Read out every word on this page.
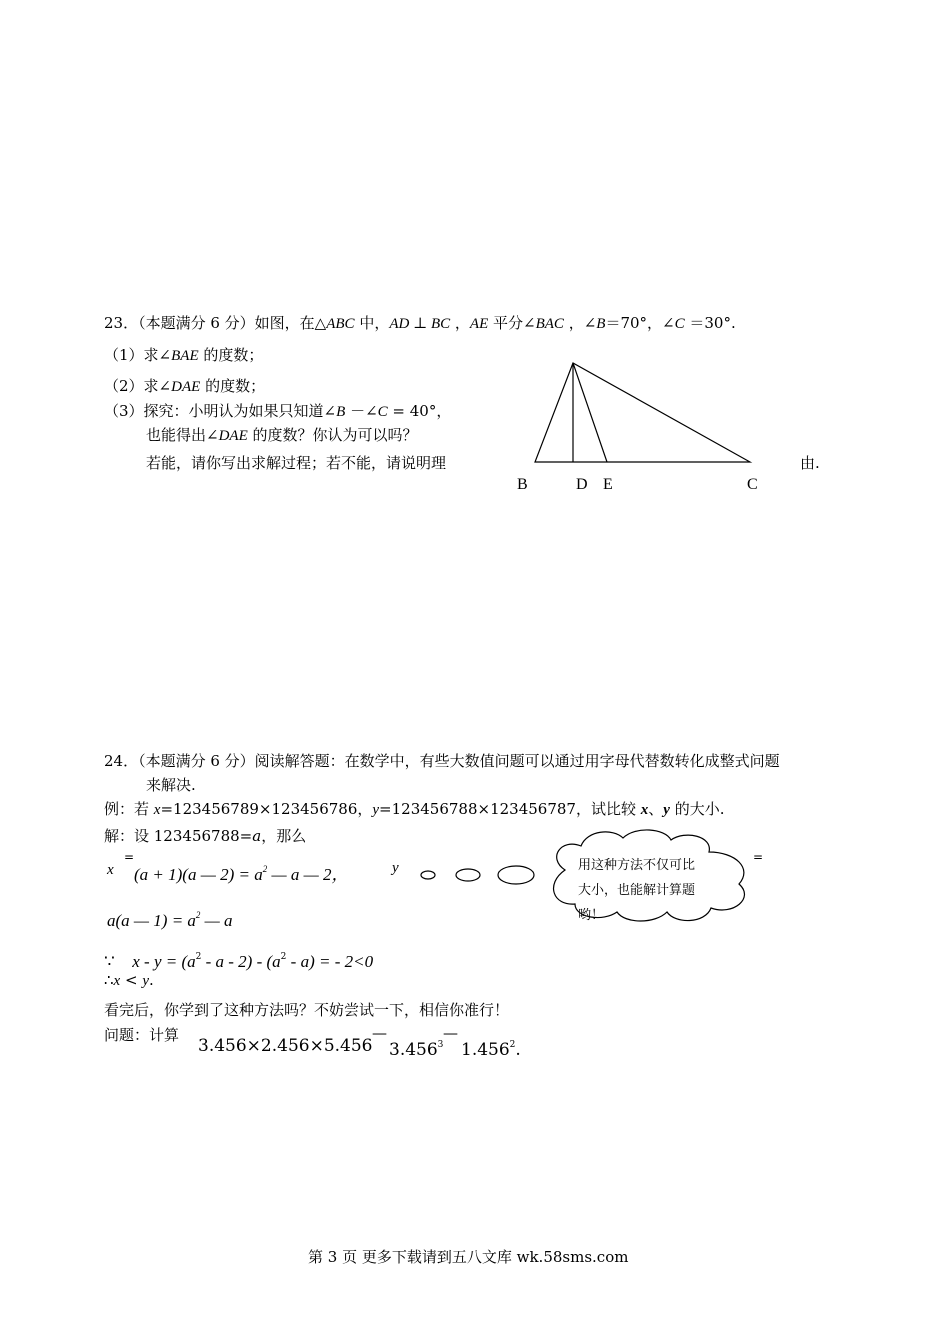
23．（本题满分 6 分）如图，在△ABC 中，AD ⊥ BC ，AE 平分∠BAC ，∠B＝70°，∠C ＝30°.
（1）求∠BAE 的度数；
（2）求∠DAE 的度数；
（3）探究：小明认为如果只知道∠B －∠C = 40°，
也能得出∠DAE 的度数？你认为可以吗？
若能，请你写出求解过程；若不能，请说明理	由.
B	D E	C
24．（本题满分 6 分）阅读解答题：在数学中，有些大数值问题可以通过用字母代替数转化成整式问题
来解决.
例：若 x=123456789×123456786，y=123456788×123456787，试比较 x、y 的大小.
解：设 123456788=a，那么
x
=
(a + 1)(a — $2) = a^2$ — a — 2，	y
=
用这种方法不仅可比
大小，也能解计算题
哟！
a(a — $1) = a^2$ — a
∵ $x - y = (a^2 - a - 2) - (a^2 - a)$ = - 2<0
∴x < y.
看完后，你学到了这种方法吗？不妨尝试一下，相信你准行！
问题：计算
3.456×2.456×5.456
—
3.456$^3$
—
1.456$^2$.
第 3 页 更多下载请到五八文库 wk.58sms.com
